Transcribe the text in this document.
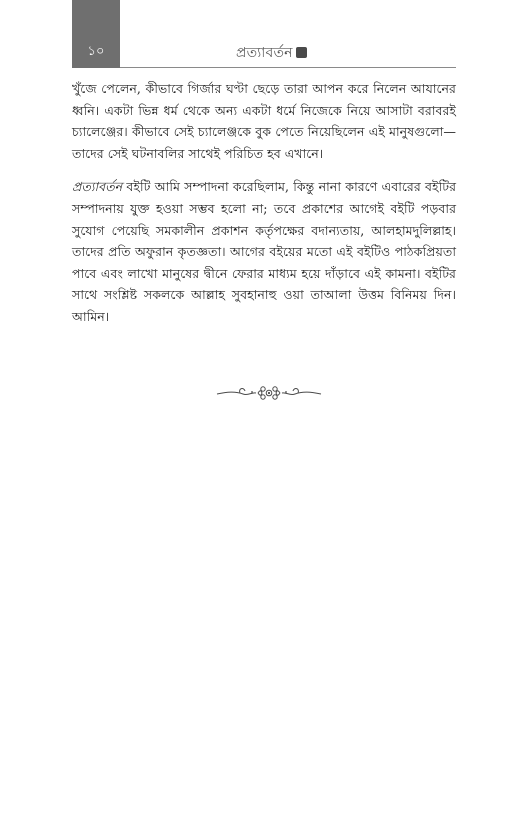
১০	প্রত্যাবর্তন

খুঁজে পেলেন, কীভাবে গির্জার ঘণ্টা ছেড়ে তারা আপন করে নিলেন আযানের ধ্বনি। একটা ভিন্ন ধর্ম থেকে অন্য একটা ধর্মে নিজেকে নিয়ে আসাটা বরাবরই চ্যালেঞ্জের। কীভাবে সেই চ্যালেঞ্জকে বুক পেতে নিয়েছিলেন এই মানুষগুলো—তাদের সেই ঘটনাবলির সাথেই পরিচিত হব এখানে।

প্রত্যাবর্তন বইটি আমি সম্পাদনা করেছিলাম, কিন্তু নানা কারণে এবারের বইটির সম্পাদনায় যুক্ত হওয়া সম্ভব হলো না; তবে প্রকাশের আগেই বইটি পড়বার সুযোগ পেয়েছি সমকালীন প্রকাশন কর্তৃপক্ষের বদান্যতায়, আলহামদুলিল্লাহ। তাদের প্রতি অফুরান কৃতজ্ঞতা। আগের বইয়ের মতো এই বইটিও পাঠকপ্রিয়তা পাবে এবং লাখো মানুষের দ্বীনে ফেরার মাধ্যম হয়ে দাঁড়াবে এই কামনা। বইটির সাথে সংশ্লিষ্ট সকলকে আল্লাহ সুবহানাহু ওয়া তাআলা উত্তম বিনিময় দিন। আমিন।
